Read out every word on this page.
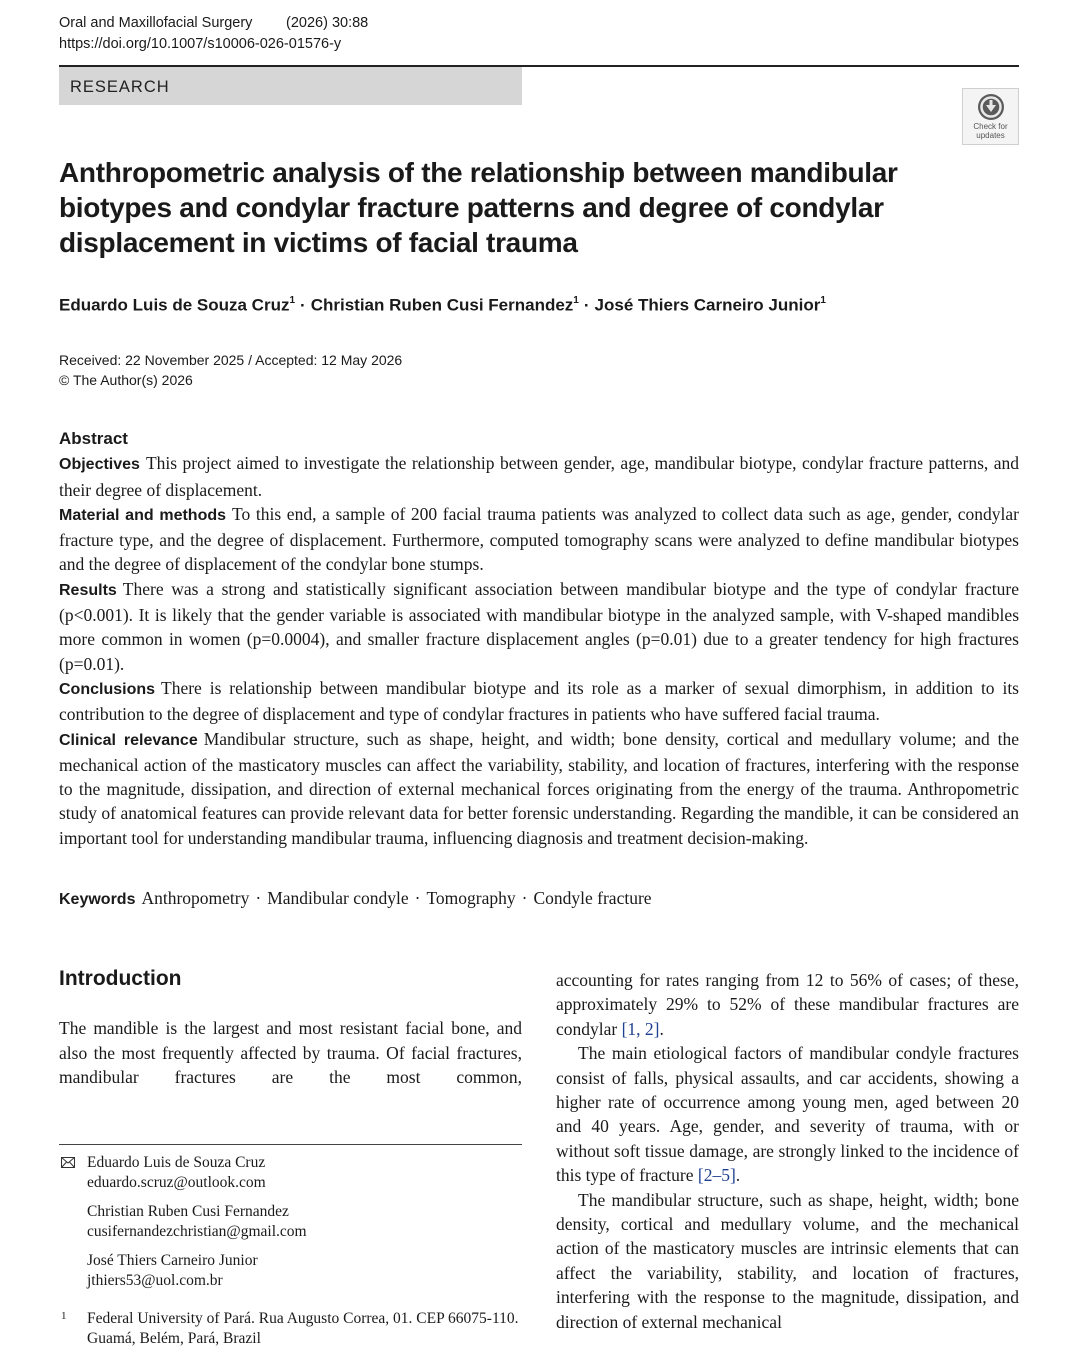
Oral and Maxillofacial Surgery (2026) 30:88
https://doi.org/10.1007/s10006-026-01576-y
RESEARCH
Check for
updates
Anthropometric analysis of the relationship between mandibular biotypes and condylar fracture patterns and degree of condylar displacement in victims of facial trauma
Eduardo Luis de Souza Cruz$^1$ · Christian Ruben Cusi Fernandez$^1$ · José Thiers Carneiro Junior$^1$
Received: 22 November 2025 / Accepted: 12 May 2026
© The Author(s) 2026
Abstract

Objectives This project aimed to investigate the relationship between gender, age, mandibular biotype, condylar fracture patterns, and their degree of displacement.

Material and methods To this end, a sample of 200 facial trauma patients was analyzed to collect data such as age, gender, condylar fracture type, and the degree of displacement. Furthermore, computed tomography scans were analyzed to define mandibular biotypes and the degree of displacement of the condylar bone stumps.

Results There was a strong and statistically significant association between mandibular biotype and the type of condylar fracture (p<0.001). It is likely that the gender variable is associated with mandibular biotype in the analyzed sample, with V-shaped mandibles more common in women (p=0.0004), and smaller fracture displacement angles (p=0.01) due to a greater tendency for high fractures (p=0.01).

Conclusions There is relationship between mandibular biotype and its role as a marker of sexual dimorphism, in addition to its contribution to the degree of displacement and type of condylar fractures in patients who have suffered facial trauma.

Clinical relevance Mandibular structure, such as shape, height, and width; bone density, cortical and medullary volume; and the mechanical action of the masticatory muscles can affect the variability, stability, and location of fractures, interfering with the response to the magnitude, dissipation, and direction of external mechanical forces originating from the energy of the trauma. Anthropometric study of anatomical features can provide relevant data for better forensic understanding. Regarding the mandible, it can be considered an important tool for understanding mandibular trauma, influencing diagnosis and treatment decision-making.

Keywords Anthropometry · Mandibular condyle · Tomography · Condyle fracture
Introduction

The mandible is the largest and most resistant facial bone, and also the most frequently affected by trauma. Of facial fractures, mandibular fractures are the most common,

Eduardo Luis de Souza Cruz
eduardo.scruz@outlook.com
Christian Ruben Cusi Fernandez
cusifernandezchristian@gmail.com
José Thiers Carneiro Junior
jthiers53@uol.com.br
1 Federal University of Pará. Rua Augusto Correa, 01. CEP 66075-110. Guamá, Belém, Pará, Brazil

accounting for rates ranging from 12 to 56% of cases; of these, approximately 29% to 52% of these mandibular fractures are condylar [1, 2].

The main etiological factors of mandibular condyle fractures consist of falls, physical assaults, and car accidents, showing a higher rate of occurrence among young men, aged between 20 and 40 years. Age, gender, and severity of trauma, with or without soft tissue damage, are strongly linked to the incidence of this type of fracture [2–5].

The mandibular structure, such as shape, height, width; bone density, cortical and medullary volume, and the mechanical action of the masticatory muscles are intrinsic elements that can affect the variability, stability, and location of fractures, interfering with the response to the magnitude, dissipation, and direction of external mechanical
